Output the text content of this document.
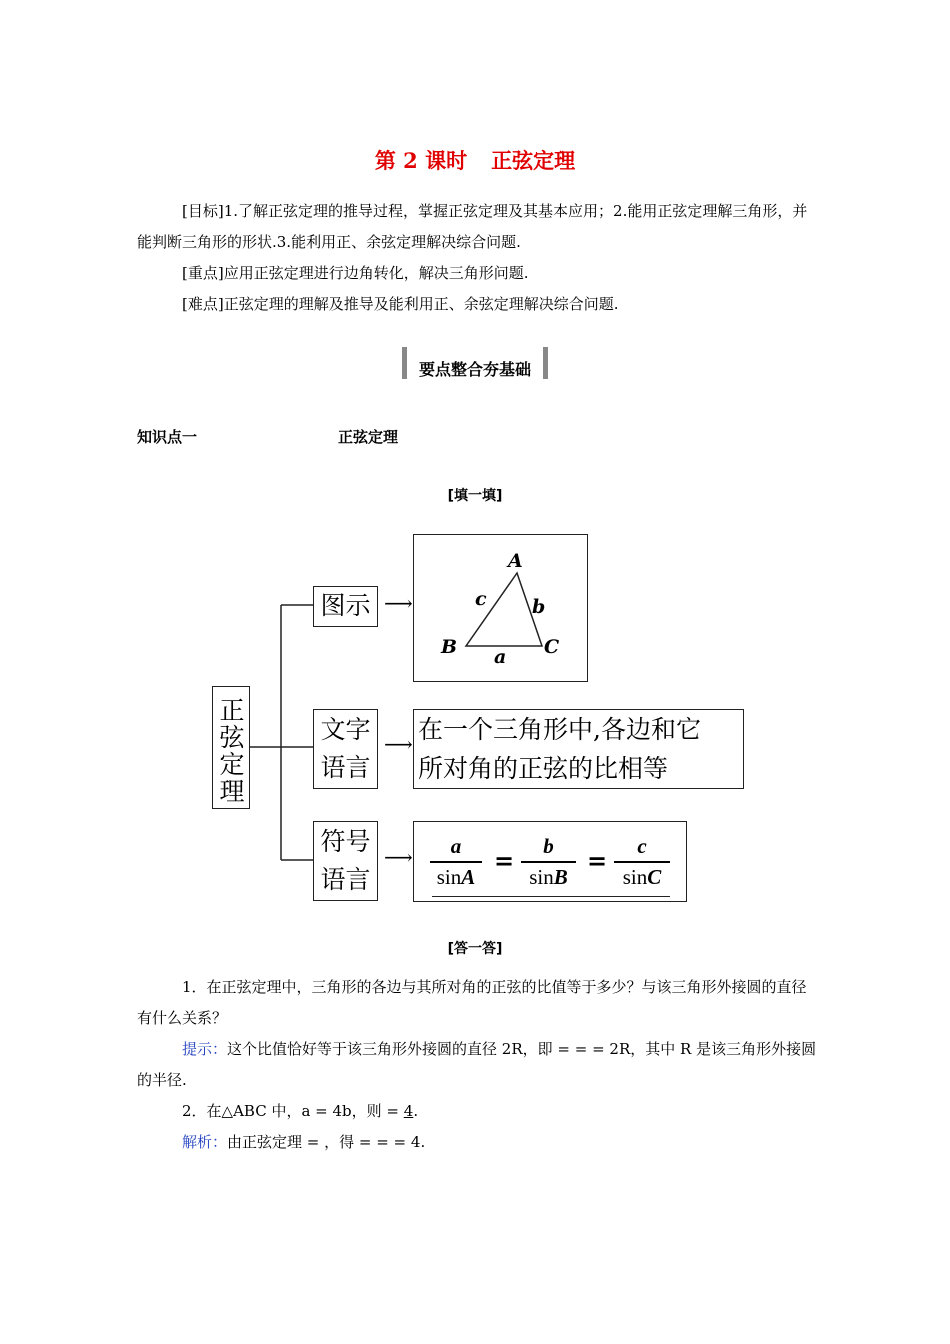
第 2 课时 正弦定理
[目标]1.了解正弦定理的推导过程，掌握正弦定理及其基本应用；2.能用正弦定理解三角形，并能判断三角形的形状.3.能利用正、余弦定理解决综合问题.
[重点]应用正弦定理进行边角转化，解决三角形问题.
[难点]正弦定理的理解及推导及能利用正、余弦定理解决综合问题.
要点整合夯基础
知识点一	正弦定理
[填一填]
正弦定理
图示 ⟶
A
B	C
a
b
c
文字语言
⟶ 在一个三角形中,各边和它
所对角的正弦的比相等
符号语言
⟶	a
sinA
=	b
sinB
=	c
sinC
[答一答]
1．在正弦定理中，三角形的各边与其所对角的正弦的比值等于多少？与该三角形外接圆的直径有什么关系？
提示：这个比值恰好等于该三角形外接圆的直径 2R，即 = = = 2R，其中 R 是该三角形外接圆的半径.
2．在△ABC 中，a = 4b，则 = 4.
解析：由正弦定理 = ，得 = = = 4.
